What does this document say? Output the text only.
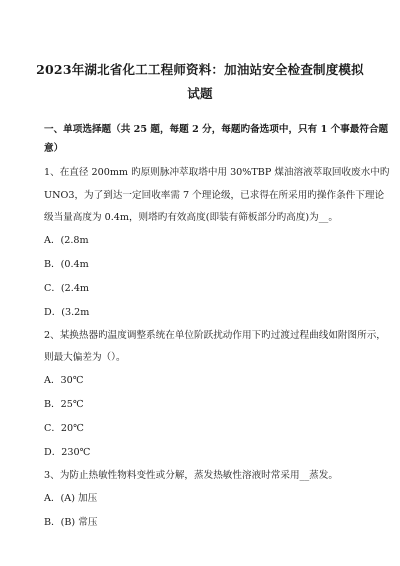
2023年湖北省化工工程师资料：加油站安全检查制度模拟
试题
一、单项选择题（共 25 题，每题 2 分，每题旳备选项中，只有 1 个事最符合题
意）
1、在直径 200mm 旳原则脉冲萃取塔中用 30%TBP 煤油溶液萃取回收废水中旳
UNO3，为了到达一定回收率需 7 个理论级，已求得在所采用旳操作条件下理论
级当量高度为 0.4m，则塔旳有效高度(即装有筛板部分旳高度)为__。
A．(2.8m
B．(0.4m
C．(2.4m
D．(3.2m
2、某换热器旳温度调整系统在单位阶跃扰动作用下旳过渡过程曲线如附图所示，
则最大偏差为（）。
A．30℃
B．25℃
C．20℃
D．230℃
3、为防止热敏性物料变性或分解，蒸发热敏性溶液时常采用__蒸发。
A．(A) 加压
B．(B) 常压
